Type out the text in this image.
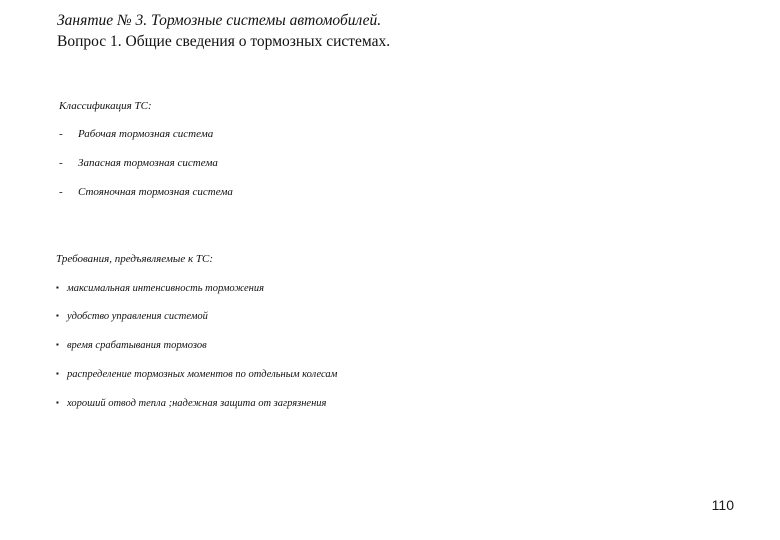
Занятие № 3. Тормозные системы автомобилей.
Вопрос 1. Общие сведения о тормозных системах.
Классификация ТС:
- Рабочая тормозная система
- Запасная тормозная система
- Стояночная тормозная система
Требования, предъявляемые к ТС:
▪ максимальная интенсивность торможения
▪ удобство управления системой
▪ время срабатывания тормозов
▪ распределение тормозных моментов по отдельным колесам
▪ хороший отвод тепла ;надежная защита от загрязнения
110
